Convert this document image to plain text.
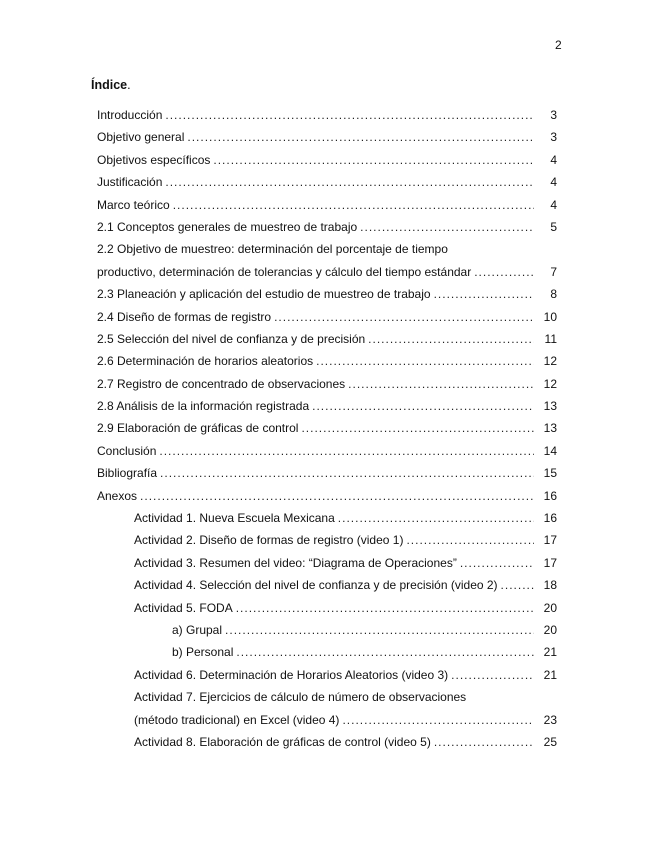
2
Índice.
Introducción .....	3
Objetivo general .....	3
Objetivos específicos .....	4
Justificación .....	4
Marco teórico .....	4
2.1 Conceptos generales de muestreo de trabajo .....	5
2.2 Objetivo de muestreo: determinación del porcentaje de tiempo
productivo, determinación de tolerancias y cálculo del tiempo estándar .....	7
2.3 Planeación y aplicación del estudio de muestreo de trabajo .....	8
2.4 Diseño de formas de registro .....	10
2.5 Selección del nivel de confianza y de precisión .....	11
2.6 Determinación de horarios aleatorios .....	12
2.7 Registro de concentrado de observaciones .....	12
2.8 Análisis de la información registrada .....	13
2.9 Elaboración de gráficas de control .....	13
Conclusión .....	14
Bibliografía .....	15
Anexos .....	16
Actividad 1. Nueva Escuela Mexicana .....	16
Actividad 2. Diseño de formas de registro (video 1) .....	17
Actividad 3. Resumen del video: “Diagrama de Operaciones” .....	17
Actividad 4. Selección del nivel de confianza y de precisión (video 2) .....	18
Actividad 5. FODA .....	20
a) Grupal .....	20
b) Personal .....	21
Actividad 6. Determinación de Horarios Aleatorios (video 3) .....	21
Actividad 7. Ejercicios de cálculo de número de observaciones
(método tradicional) en Excel (video 4) .....	23
Actividad 8. Elaboración de gráficas de control (video 5) .....	25
